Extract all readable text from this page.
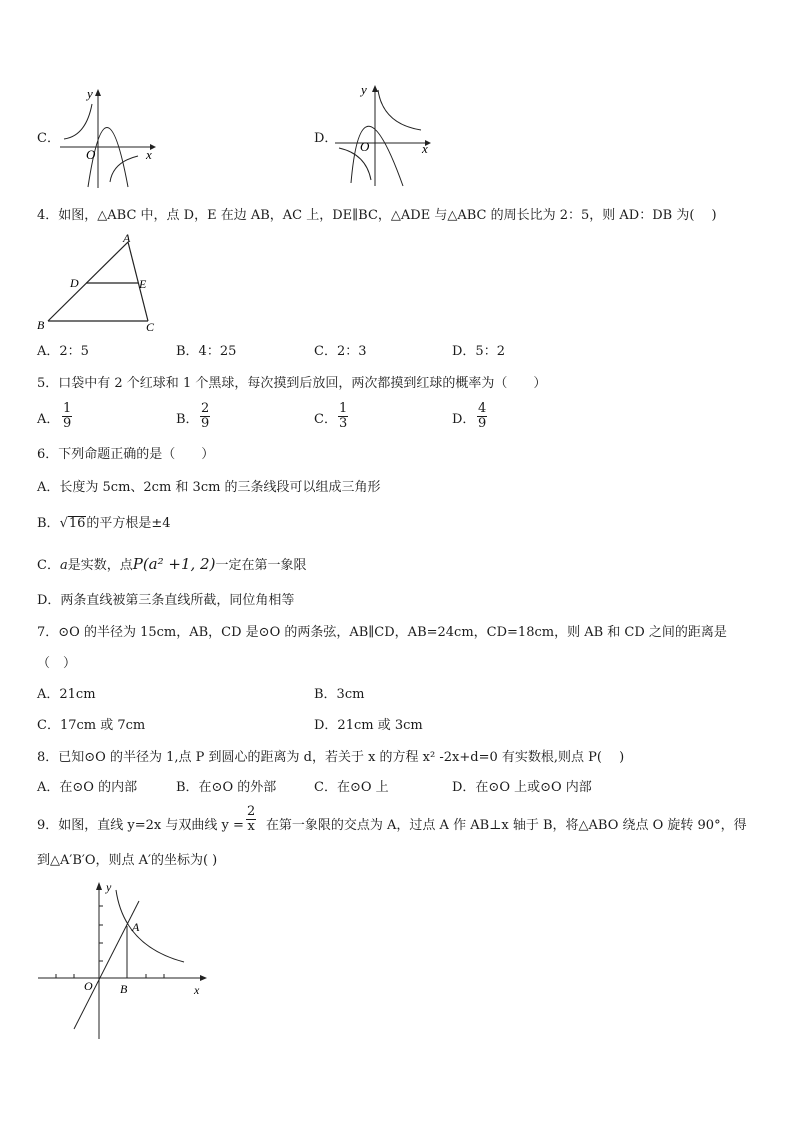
C．
y
O	x
D．
y
O	x
4．如图，△ABC 中，点 D，E 在边 AB，AC 上，DE∥BC，△ADE 与△ABC 的周长比为 2：5，则 AD：DB 为(　 )
A
D	E
B	C
A．2：5	B．4：25	C．2：3	D．5：2
5．口袋中有 2 个红球和 1 个黑球，每次摸到后放回，两次都摸到红球的概率为（　　）
A． $\frac{1}{9}$	B． $\frac{2}{9}$	C． $\frac{1}{3}$	D． $\frac{4}{9}$
6．下列命题正确的是（　　）
A．长度为 5cm、2cm 和 3cm 的三条线段可以组成三角形
B．√16的平方根是±4
C．a是实数，点P(a² +1, 2)一定在第一象限
D．两条直线被第三条直线所截，同位角相等
7．⊙O 的半径为 15cm，AB，CD 是⊙O 的两条弦，AB∥CD，AB=24cm，CD=18cm，则 AB 和 CD 之间的距离是
（　）
A．21cm	B．3cm
C．17cm 或 7cm	D．21cm 或 3cm
8．已知⊙O 的半径为 1,点 P 到圆心的距离为 d，若关于 x 的方程 x² -2x+d=0 有实数根,则点 P(　 )
A．在⊙O 的内部	B．在⊙O 的外部	C．在⊙O 上	D．在⊙O 上或⊙O 内部
9．如图，直线 y=2x 与双曲线 y = 在第一象限的交点为 A，过点 A 作 AB⊥x 轴于 B，将△ABO 绕点 O 旋转 90°，得
$\frac{2}{x}$
到△A′B′O，则点 A′的坐标为( )
y
A
O B	x
